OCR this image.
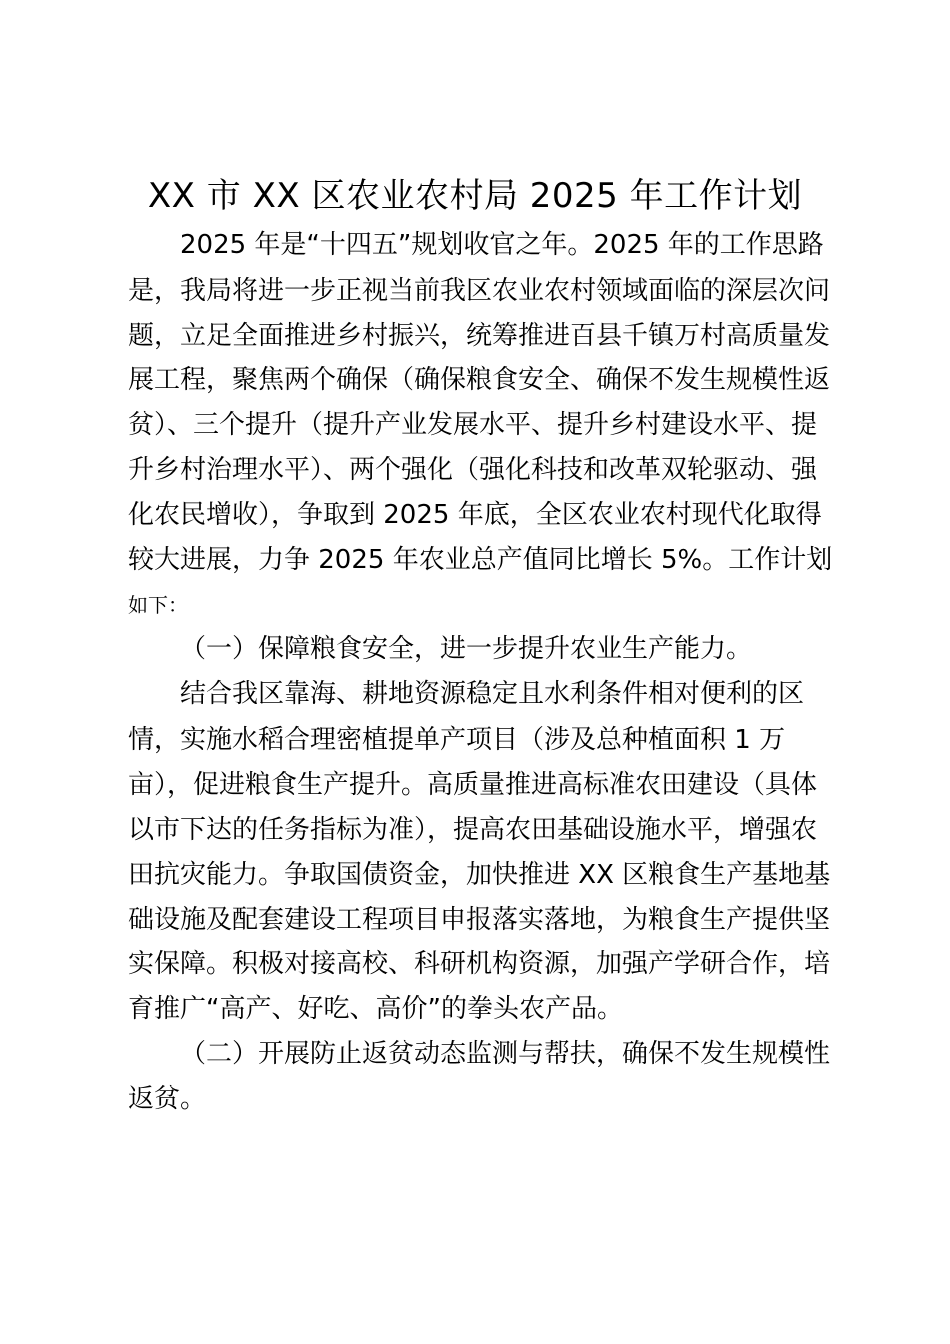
XX 市 XX 区农业农村局 2025 年工作计划
2025 年是“十四五”规划收官之年。2025 年的工作思路
是，我局将进一步正视当前我区农业农村领域面临的深层次问
题，立足全面推进乡村振兴，统筹推进百县千镇万村高质量发
展工程，聚焦两个确保（确保粮食安全、确保不发生规模性返
贫）、三个提升（提升产业发展水平、提升乡村建设水平、提
升乡村治理水平）、两个强化（强化科技和改革双轮驱动、强
化农民增收），争取到 2025 年底，全区农业农村现代化取得
较大进展，力争 2025 年农业总产值同比增长 5%。工作计划
如下：
（一）保障粮食安全，进一步提升农业生产能力。
结合我区靠海、耕地资源稳定且水利条件相对便利的区
情，实施水稻合理密植提单产项目（涉及总种植面积 1 万
亩），促进粮食生产提升。高质量推进高标准农田建设（具体
以市下达的任务指标为准），提高农田基础设施水平，增强农
田抗灾能力。争取国债资金，加快推进 XX 区粮食生产基地基
础设施及配套建设工程项目申报落实落地，为粮食生产提供坚
实保障。积极对接高校、科研机构资源，加强产学研合作，培
育推广“高产、好吃、高价”的拳头农产品。
（二）开展防止返贫动态监测与帮扶，确保不发生规模性
返贫。
